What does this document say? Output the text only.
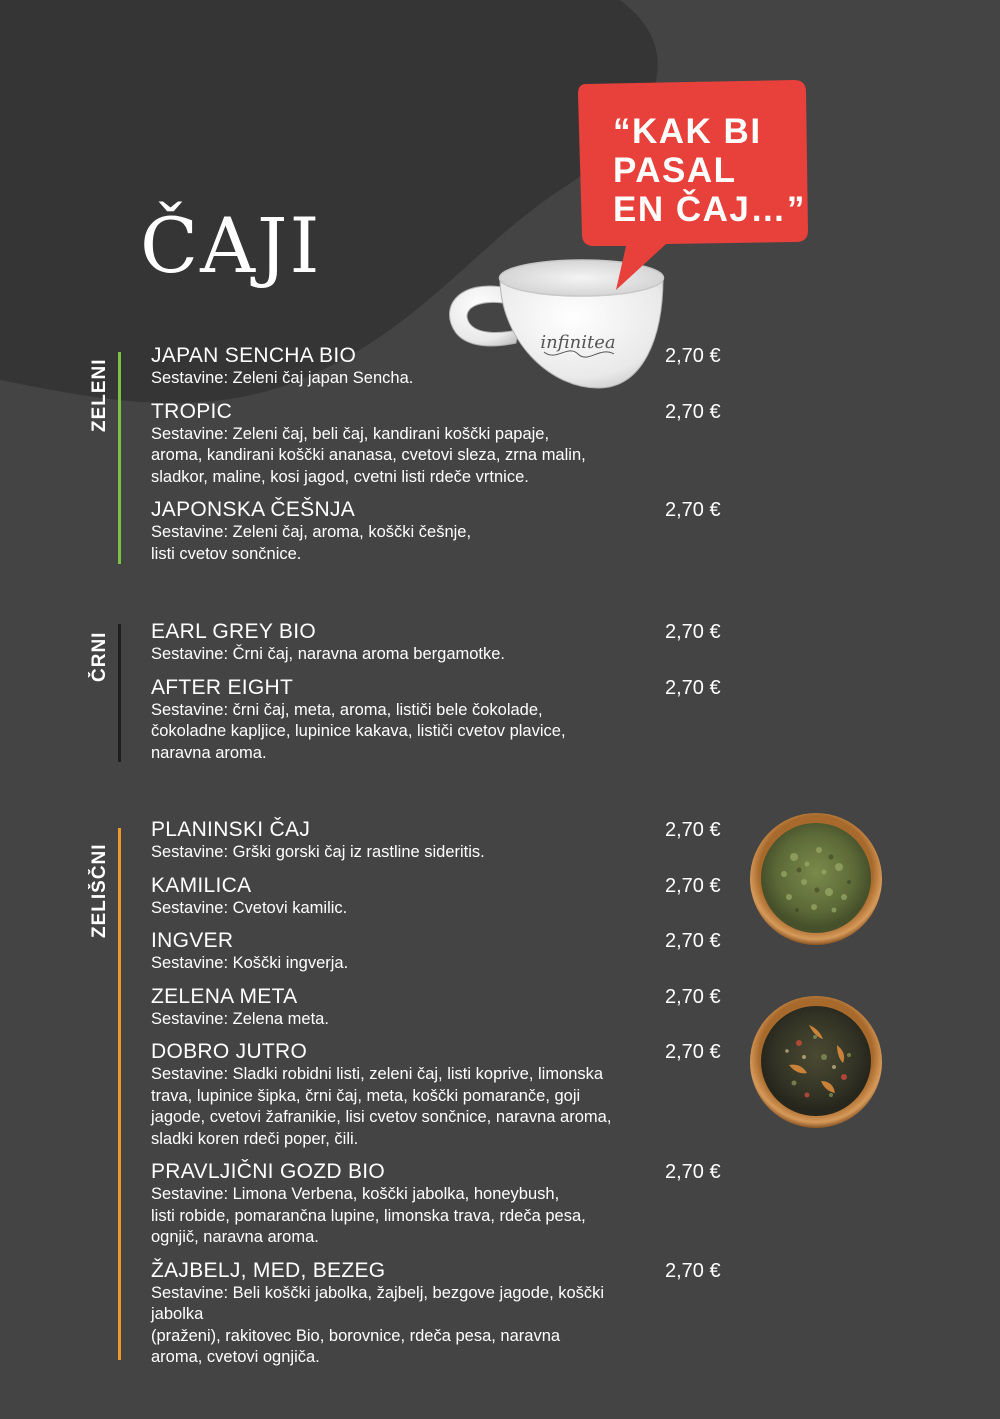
ČAJI
infinitea
“KAK BI
PASAL
EN ČAJ…”
ZELENI
JAPAN SENCHA BIO	2,70 €
Sestavine: Zeleni čaj japan Sencha.
TROPIC	2,70 €
Sestavine: Zeleni čaj, beli čaj, kandirani koščki papaje,
aroma, kandirani koščki ananasa, cvetovi sleza, zrna malin,
sladkor, maline, kosi jagod, cvetni listi rdeče vrtnice.
JAPONSKA ČEŠNJA	2,70 €
Sestavine: Zeleni čaj, aroma, koščki češnje,
listi cvetov sončnice.
ČRNI
EARL GREY BIO	2,70 €
Sestavine: Črni čaj, naravna aroma bergamotke.
AFTER EIGHT	2,70 €
Sestavine: črni čaj, meta, aroma, lističi bele čokolade,
čokoladne kapljice, lupinice kakava, lističi cvetov plavice,
naravna aroma.
ZELIŠČNI
PLANINSKI ČAJ	2,70 €
Sestavine: Grški gorski čaj iz rastline sideritis.
KAMILICA	2,70 €
Sestavine: Cvetovi kamilic.
INGVER	2,70 €
Sestavine: Koščki ingverja.
ZELENA META	2,70 €
Sestavine: Zelena meta.
DOBRO JUTRO	2,70 €
Sestavine: Sladki robidni listi, zeleni čaj, listi koprive, limonska
trava, lupinice šipka, črni čaj, meta, koščki pomaranče, goji
jagode, cvetovi žafranikie, lisi cvetov sončnice, naravna aroma,
sladki koren rdeči poper, čili.
PRAVLJIČNI GOZD BIO	2,70 €
Sestavine: Limona Verbena, koščki jabolka, honeybush,
listi robide, pomarančna lupine, limonska trava, rdeča pesa,
ognjič, naravna aroma.
ŽAJBELJ, MED, BEZEG	2,70 €
Sestavine: Beli koščki jabolka, žajbelj, bezgove jagode, koščki jabolka
(praženi), rakitovec Bio, borovnice, rdeča pesa, naravna
aroma, cvetovi ognjiča.
